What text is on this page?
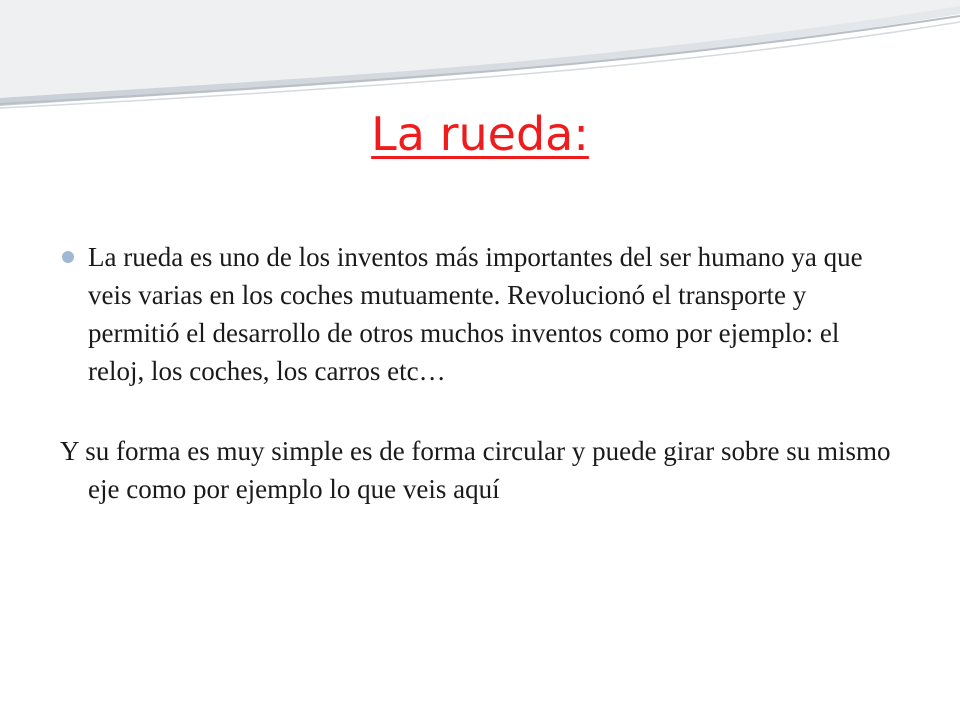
La rueda:

La rueda es uno de los inventos más importantes del ser humano ya que veis varias en los coches mutuamente. Revolucionó el transporte y permitió el desarrollo de otros muchos inventos como por ejemplo: el reloj, los coches, los carros etc…

Y su forma es muy simple es de forma circular y puede girar sobre su mismo eje como por ejemplo lo que veis aquí
